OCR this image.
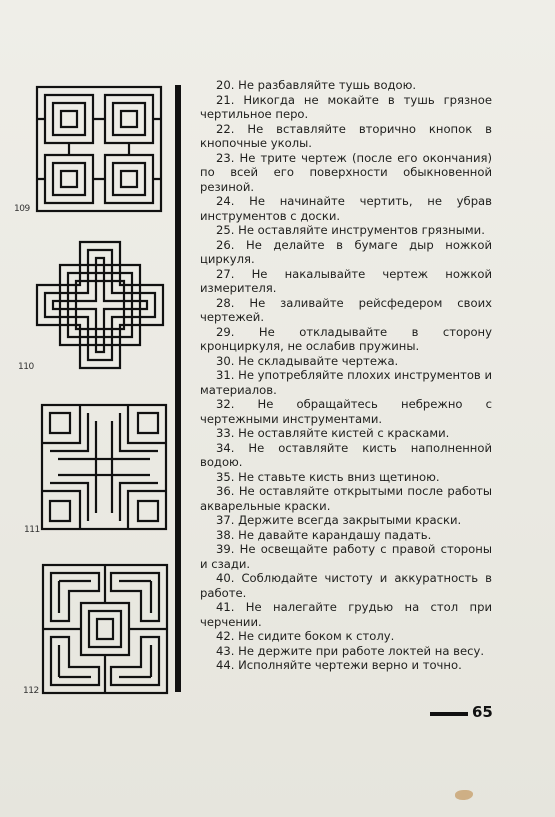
109
110
111
112
20. Не разбавляйте тушь водою.
21. Никогда не мокайте в тушь грязное чертильное перо.
22. Не вставляйте вторично кнопок в кнопочные уколы.
23. Не трите чертеж (после его окончания) по всей его поверхности обыкновенной резиной.
24. Не начинайте чертить, не убрав инструментов с доски.
25. Не оставляйте инструментов грязными.
26. Не делайте в бумаге дыр ножкой циркуля.
27. Не накалывайте чертеж ножкой измерителя.
28. Не заливайте рейсфедером своих чертежей.
29. Не откладывайте в сторону кронциркуля, не ослабив пружины.
30. Не складывайте чертежа.
31. Не употребляйте плохих инструментов и материалов.
32. Не обращайтесь небрежно с чертежными инструментами.
33. Не оставляйте кистей с красками.
34. Не оставляйте кисть наполненной водою.
35. Не ставьте кисть вниз щетиною.
36. Не оставляйте открытыми после работы акварельные краски.
37. Держите всегда закрытыми краски.
38. Не давайте карандашу падать.
39. Не освещайте работу с правой стороны и сзади.
40. Соблюдайте чистоту и аккуратность в работе.
41. Не налегайте грудью на стол при черчении.
42. Не сидите боком к столу.
43. Не держите при работе локтей на весу.
44. Исполняйте чертежи верно и точно.
65
